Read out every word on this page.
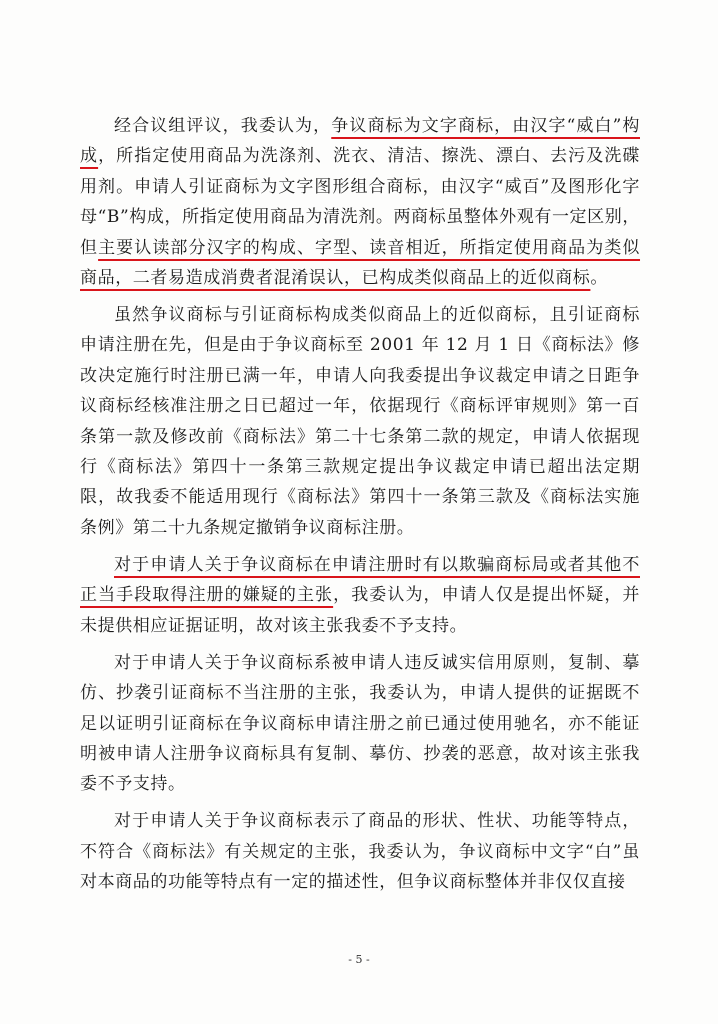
经合议组评议，我委认为，争议商标为文字商标，由汉字“威白”构成，所指定使用商品为洗涤剂、洗衣、清洁、擦洗、漂白、去污及洗碟用剂。申请人引证商标为文字图形组合商标，由汉字“威百”及图形化字母“B”构成，所指定使用商品为清洗剂。两商标虽整体外观有一定区别，但主要认读部分汉字的构成、字型、读音相近，所指定使用商品为类似商品，二者易造成消费者混淆误认，已构成类似商品上的近似商标。

虽然争议商标与引证商标构成类似商品上的近似商标，且引证商标申请注册在先，但是由于争议商标至 2001 年 12 月 1 日《商标法》修改决定施行时注册已满一年，申请人向我委提出争议裁定申请之日距争议商标经核准注册之日已超过一年，依据现行《商标评审规则》第一百条第一款及修改前《商标法》第二十七条第二款的规定，申请人依据现行《商标法》第四十一条第三款规定提出争议裁定申请已超出法定期限，故我委不能适用现行《商标法》第四十一条第三款及《商标法实施条例》第二十九条规定撤销争议商标注册。

对于申请人关于争议商标在申请注册时有以欺骗商标局或者其他不正当手段取得注册的嫌疑的主张，我委认为，申请人仅是提出怀疑，并未提供相应证据证明，故对该主张我委不予支持。

对于申请人关于争议商标系被申请人违反诚实信用原则，复制、摹仿、抄袭引证商标不当注册的主张，我委认为，申请人提供的证据既不足以证明引证商标在争议商标申请注册之前已通过使用驰名，亦不能证明被申请人注册争议商标具有复制、摹仿、抄袭的恶意，故对该主张我委不予支持。

对于申请人关于争议商标表示了商品的形状、性状、功能等特点，不符合《商标法》有关规定的主张，我委认为，争议商标中文字“白”虽对本商品的功能等特点有一定的描述性，但争议商标整体并非仅仅直接

- 5 -
